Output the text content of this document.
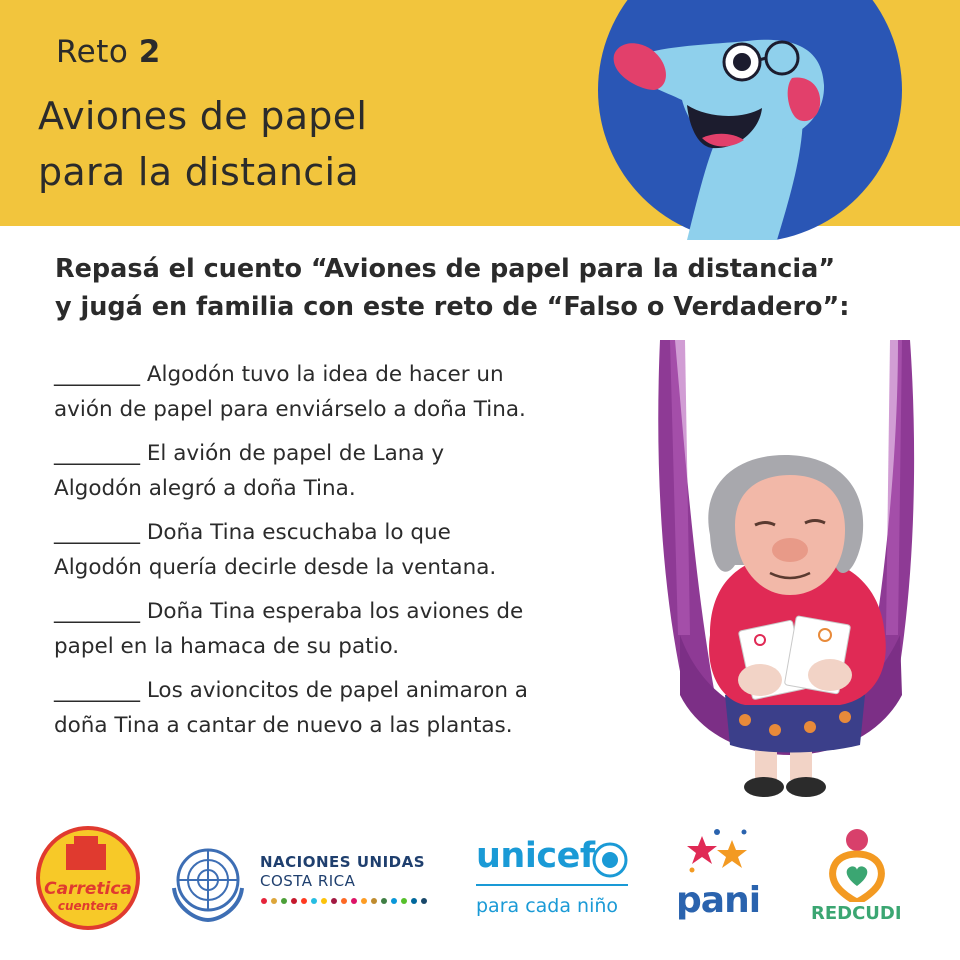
Reto 2
Aviones de papel
para la distancia
Repasá el cuento “Aviones de papel para la distancia”
y jugá en familia con este reto de “Falso o Verdadero”:
________ Algodón tuvo la idea de hacer un
avión de papel para enviárselo a doña Tina.
________ El avión de papel de Lana y
Algodón alegró a doña Tina.
________ Doña Tina escuchaba lo que
Algodón quería decirle desde la ventana.
________ Doña Tina esperaba los aviones de
papel en la hamaca de su patio.
________ Los avioncitos de papel animaron a
doña Tina a cantar de nuevo a las plantas.
Carretica
cuentera
NACIONES UNIDAS
COSTA RICA
unicef
para cada niño pani	REDCUDI
